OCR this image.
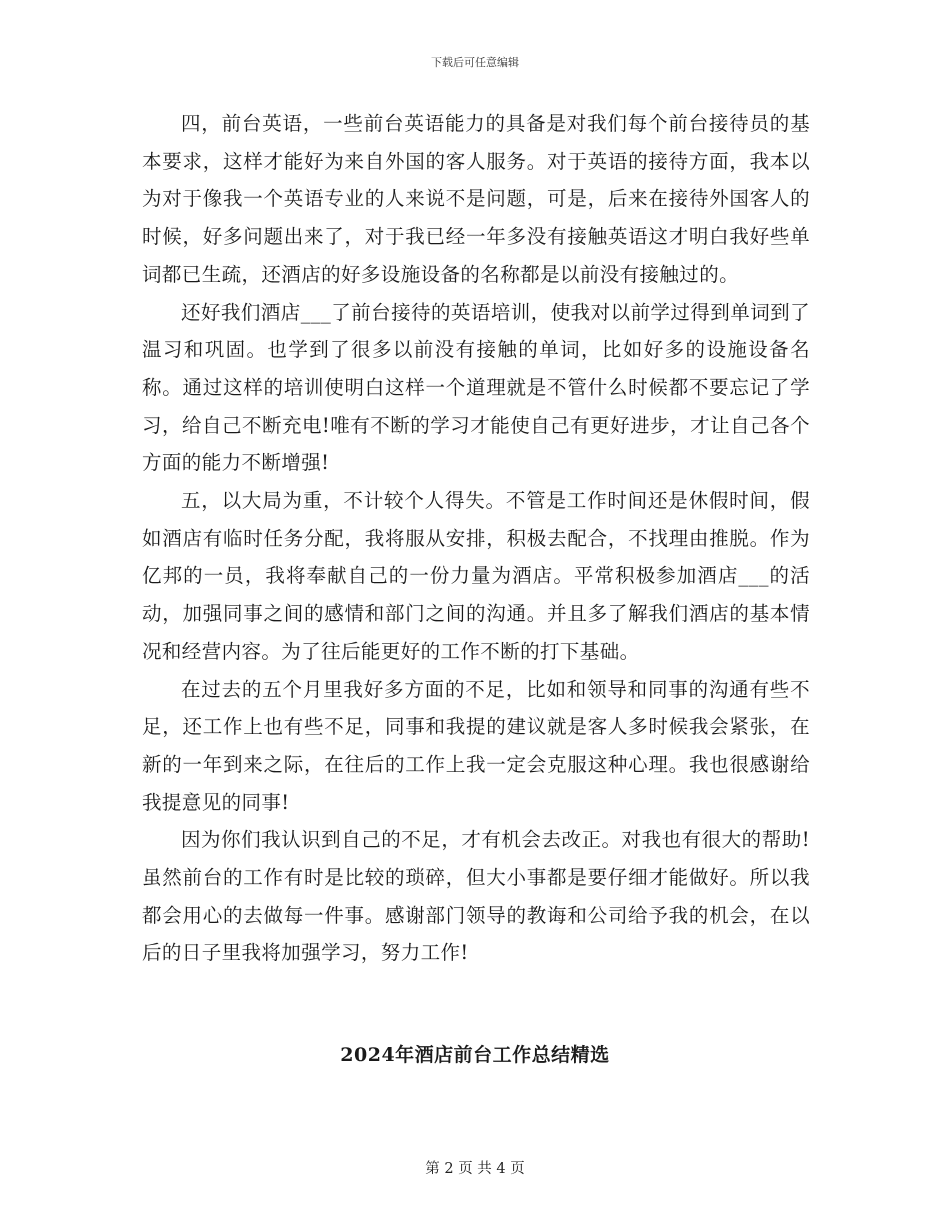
下载后可任意编辑

四，前台英语，一些前台英语能力的具备是对我们每个前台接待员的基本要求，这样才能好为来自外国的客人服务。对于英语的接待方面，我本以为对于像我一个英语专业的人来说不是问题，可是，后来在接待外国客人的时候，好多问题出来了，对于我已经一年多没有接触英语这才明白我好些单词都已生疏，还酒店的好多设施设备的名称都是以前没有接触过的。

还好我们酒店___了前台接待的英语培训，使我对以前学过得到单词到了温习和巩固。也学到了很多以前没有接触的单词，比如好多的设施设备名称。通过这样的培训使明白这样一个道理就是不管什么时候都不要忘记了学习，给自己不断充电!唯有不断的学习才能使自己有更好进步，才让自己各个方面的能力不断增强!

五，以大局为重，不计较个人得失。不管是工作时间还是休假时间，假如酒店有临时任务分配，我将服从安排，积极去配合，不找理由推脱。作为亿邦的一员，我将奉献自己的一份力量为酒店。平常积极参加酒店___的活动，加强同事之间的感情和部门之间的沟通。并且多了解我们酒店的基本情况和经营内容。为了往后能更好的工作不断的打下基础。

在过去的五个月里我好多方面的不足，比如和领导和同事的沟通有些不足，还工作上也有些不足，同事和我提的建议就是客人多时候我会紧张，在新的一年到来之际，在往后的工作上我一定会克服这种心理。我也很感谢给我提意见的同事!

因为你们我认识到自己的不足，才有机会去改正。对我也有很大的帮助!虽然前台的工作有时是比较的琐碎，但大小事都是要仔细才能做好。所以我都会用心的去做每一件事。感谢部门领导的教诲和公司给予我的机会，在以后的日子里我将加强学习，努力工作!

2024年酒店前台工作总结精选
第 2 页 共 4 页
